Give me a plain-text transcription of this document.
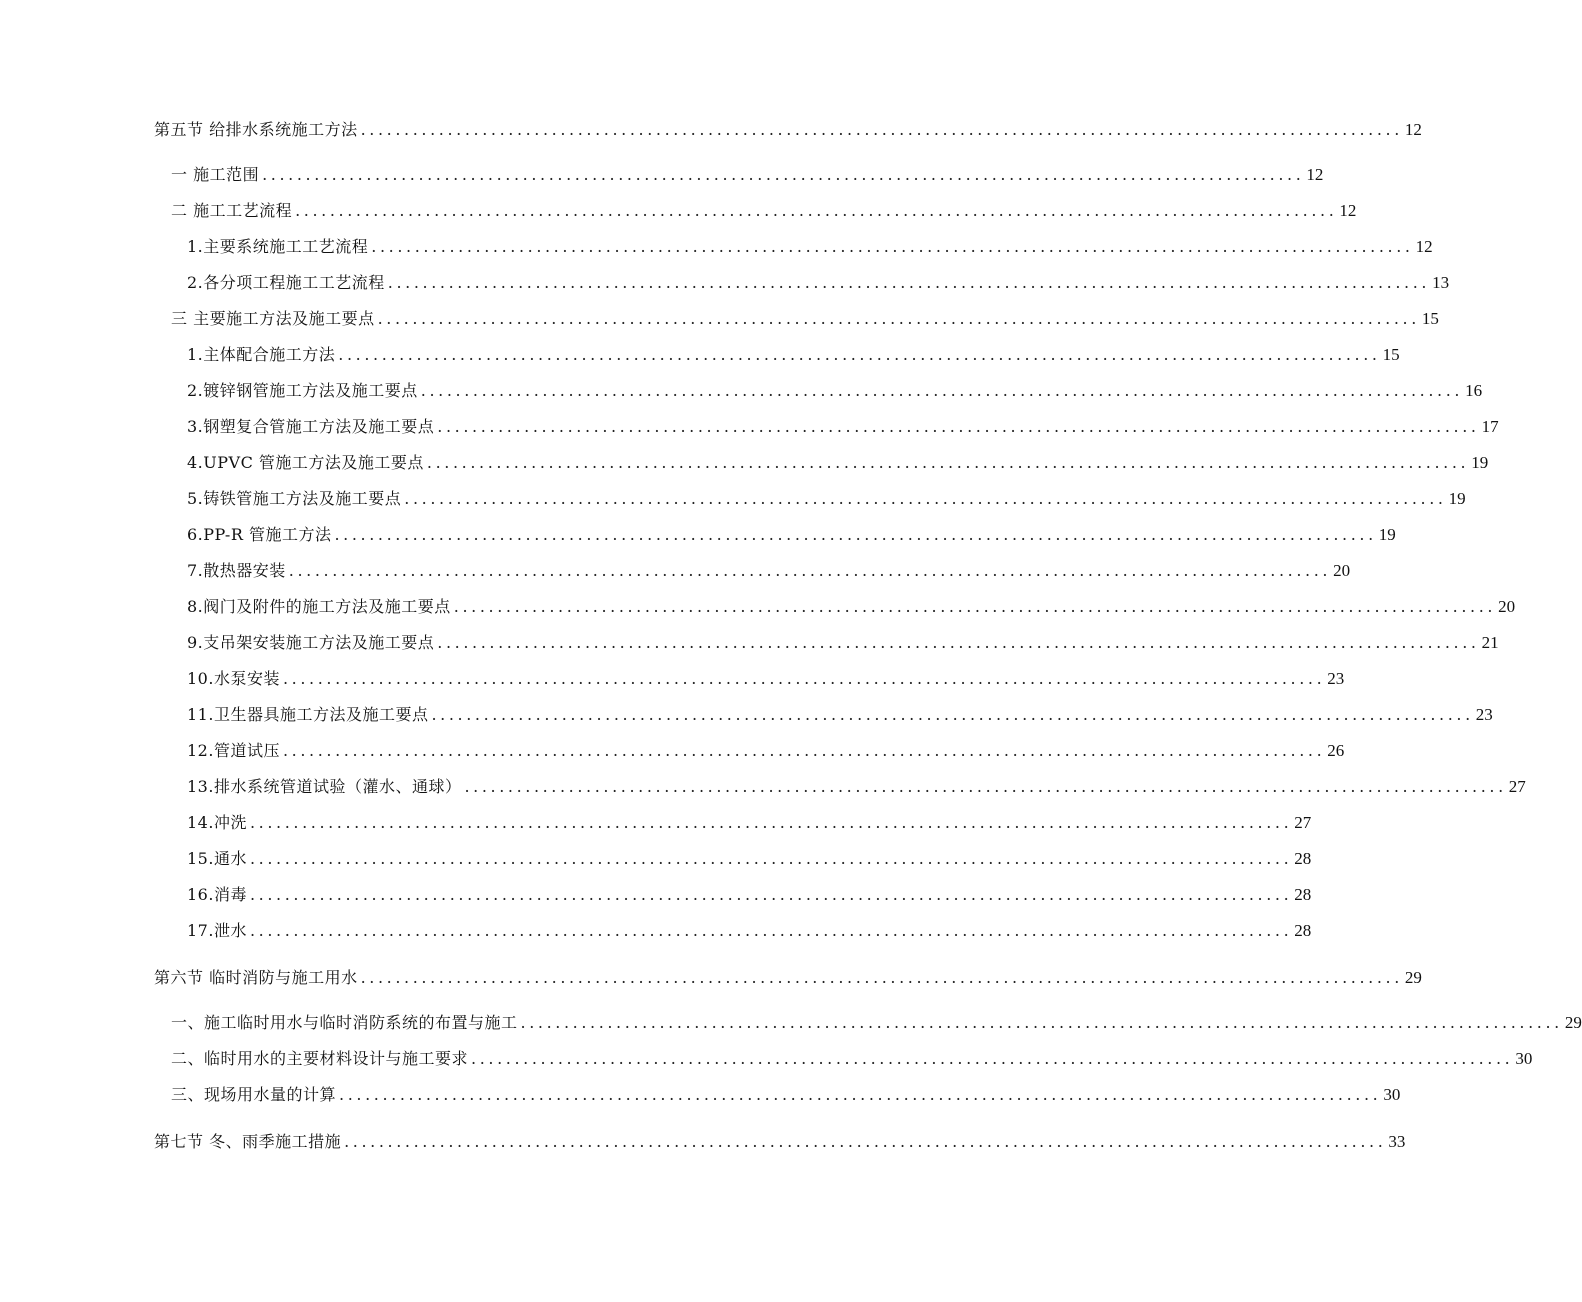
第五节 给排水系统施工方法 ........................................................................................................................ 12
一 施工范围 ........................................................................................................................ 12
二 施工工艺流程 ........................................................................................................................ 12
1.主要系统施工工艺流程 ........................................................................................................................ 12
2.各分项工程施工工艺流程 ........................................................................................................................ 13
三 主要施工方法及施工要点 ........................................................................................................................ 15
1.主体配合施工方法 ........................................................................................................................ 15
2.镀锌钢管施工方法及施工要点 ........................................................................................................................ 16
3.钢塑复合管施工方法及施工要点 ........................................................................................................................ 17
4.UPVC 管施工方法及施工要点 ........................................................................................................................ 19
5.铸铁管施工方法及施工要点 ........................................................................................................................ 19
6.PP-R 管施工方法 ........................................................................................................................ 19
7.散热器安装 ........................................................................................................................ 20
8.阀门及附件的施工方法及施工要点 ........................................................................................................................ 20
9.支吊架安装施工方法及施工要点 ........................................................................................................................ 21
10.水泵安装 ........................................................................................................................ 23
11.卫生器具施工方法及施工要点 ........................................................................................................................ 23
12.管道试压 ........................................................................................................................ 26
13.排水系统管道试验（灌水、通球） ........................................................................................................................ 27
14.冲洗 ........................................................................................................................ 27
15.通水 ........................................................................................................................ 28
16.消毒 ........................................................................................................................ 28
17.泄水 ........................................................................................................................ 28
第六节 临时消防与施工用水 ........................................................................................................................ 29
一、施工临时用水与临时消防系统的布置与施工 ........................................................................................................................ 29
二、临时用水的主要材料设计与施工要求 ........................................................................................................................ 30
三、现场用水量的计算 ........................................................................................................................ 30
第七节 冬、雨季施工措施 ........................................................................................................................ 33
